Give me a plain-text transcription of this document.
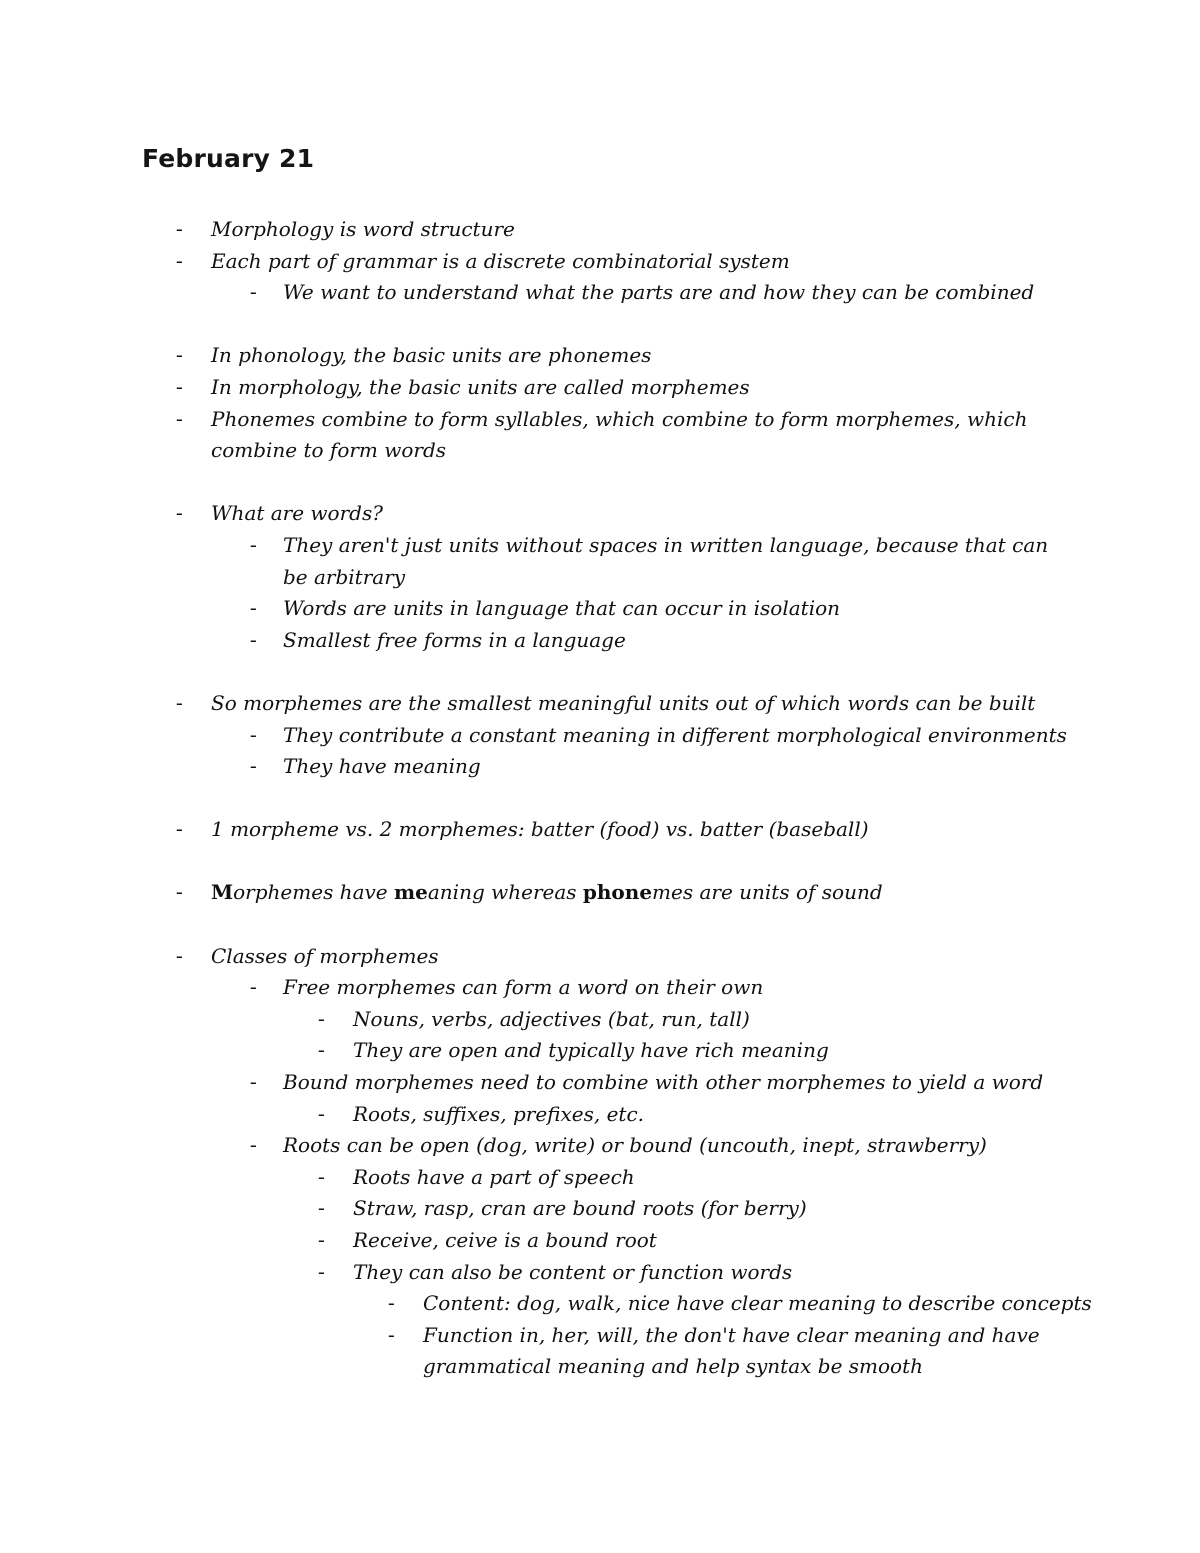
February 21
- Morphology is word structure
- Each part of grammar is a discrete combinatorial system
- We want to understand what the parts are and how they can be combined
- In phonology, the basic units are phonemes
- In morphology, the basic units are called morphemes
- Phonemes combine to form syllables, which combine to form morphemes, which combine to form words
- What are words?
- They aren't just units without spaces in written language, because that can be arbitrary
- Words are units in language that can occur in isolation
- Smallest free forms in a language
- So morphemes are the smallest meaningful units out of which words can be built
- They contribute a constant meaning in different morphological environments
- They have meaning
- 1 morpheme vs. 2 morphemes: batter (food) vs. batter (baseball)
- Morphemes have meaning whereas phonemes are units of sound
- Classes of morphemes
- Free morphemes can form a word on their own
- Nouns, verbs, adjectives (bat, run, tall)
- They are open and typically have rich meaning
- Bound morphemes need to combine with other morphemes to yield a word
- Roots, suffixes, prefixes, etc.
- Roots can be open (dog, write) or bound (uncouth, inept, strawberry)
- Roots have a part of speech
- Straw, rasp, cran are bound roots (for berry)
- Receive, ceive is a bound root
- They can also be content or function words
- Content: dog, walk, nice have clear meaning to describe concepts
- Function in, her, will, the don't have clear meaning and have grammatical meaning and help syntax be smooth
